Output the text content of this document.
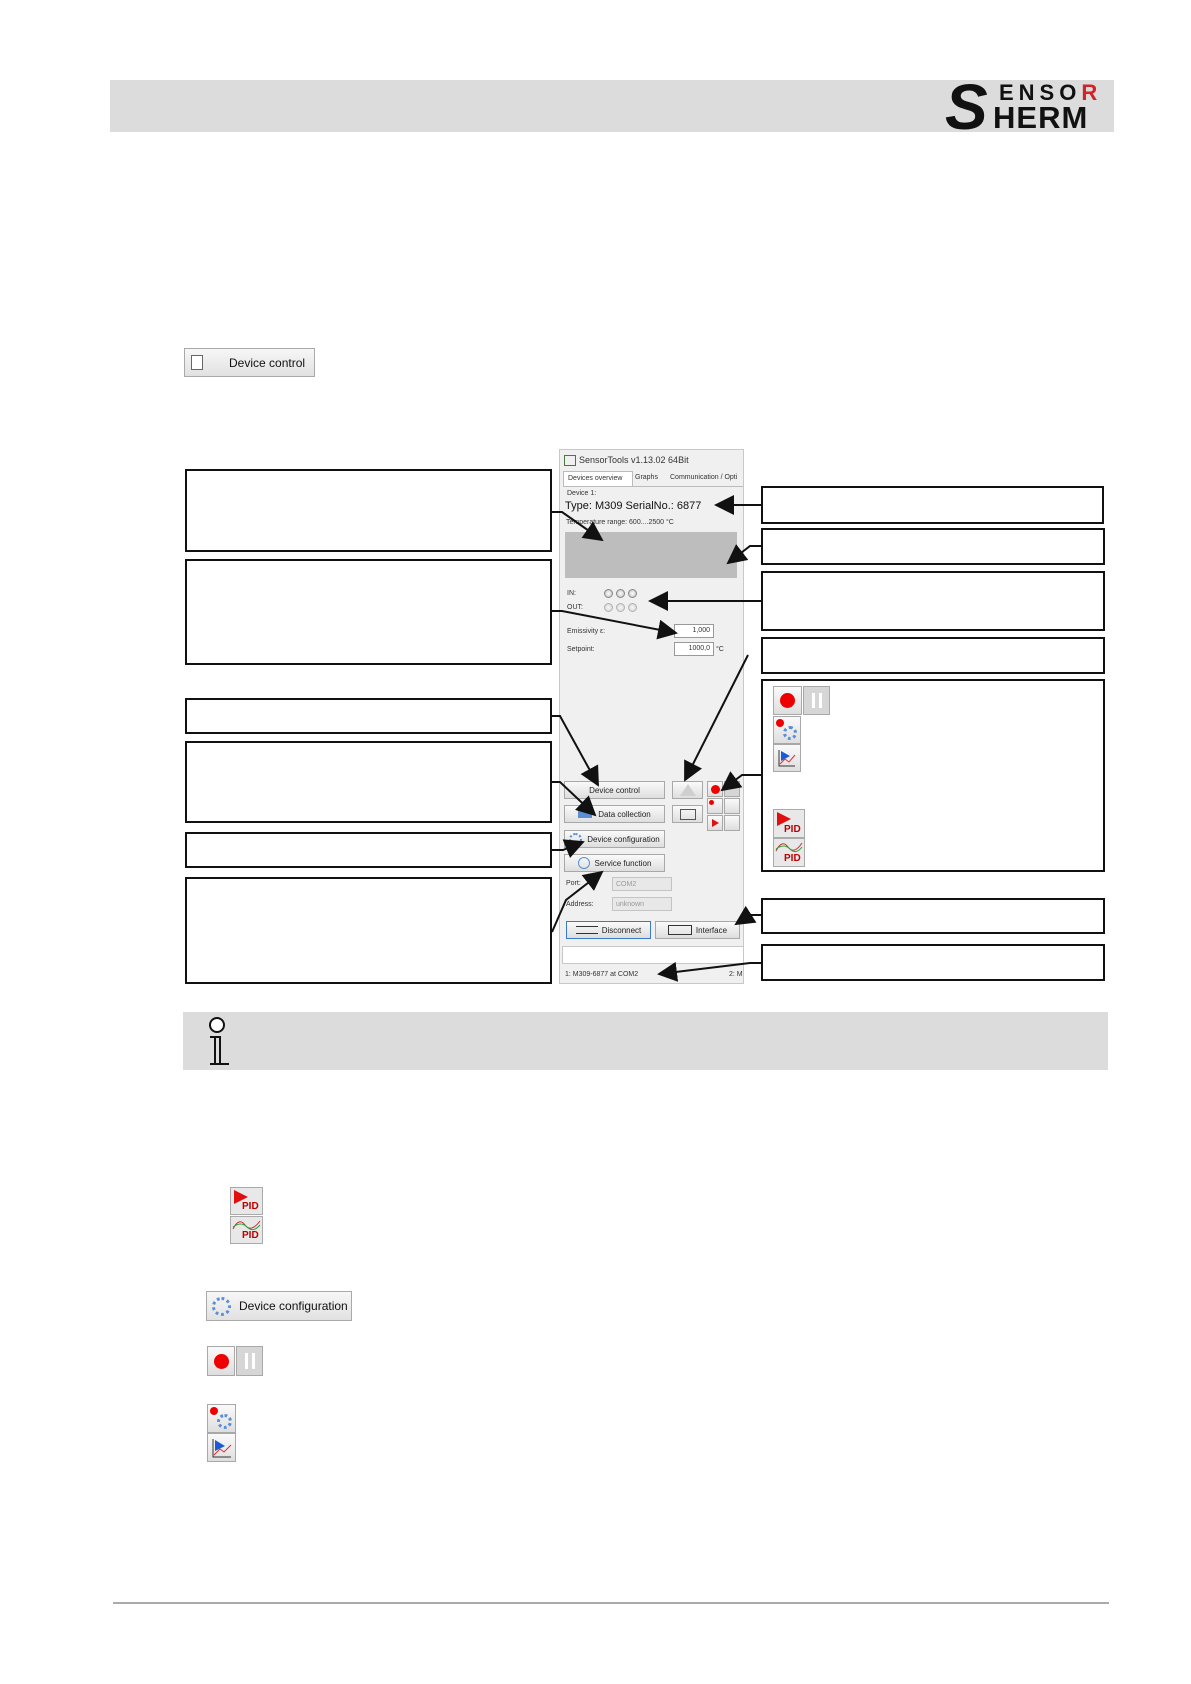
S ENSOR
HERM
Device control
PID
PID
SensorTools v1.13.02 64Bit
Devices overview	Graphs Communication / Opti
Device 1:
Type: M309 SerialNo.: 6877
Temperature range: 600....2500 °C
IN:
OUT:
Emissivity ε:	1,000
Setpoint:	1000,0 °C
Device control
Data collection
Device configuration
Service function
Port:	COM2
Address:	unknown
Disconnect	Interface
1: M309-6877 at COM2	2: M
PID
PID
Device configuration
